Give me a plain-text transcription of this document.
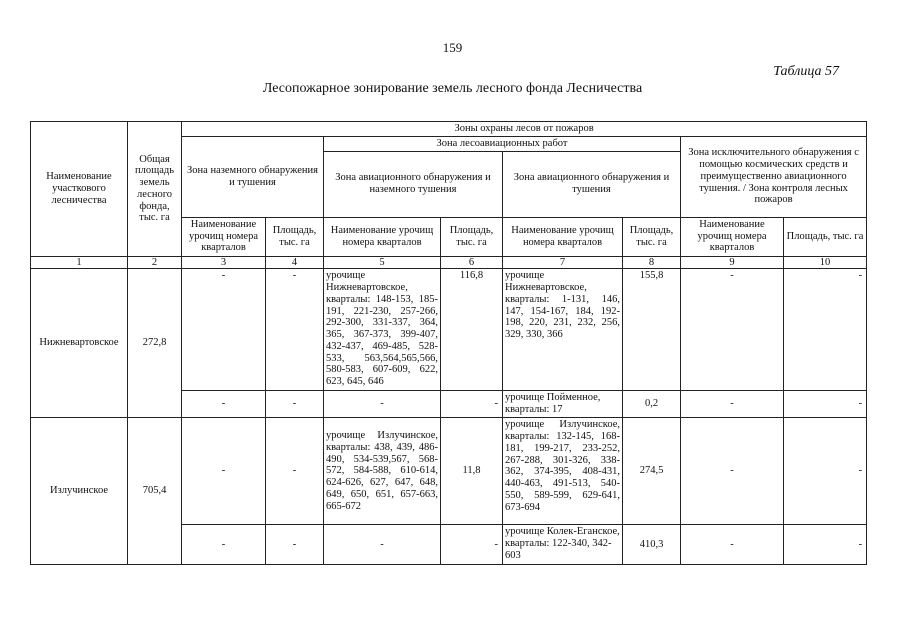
159
Таблица 57
Лесопожарное зонирование земель лесного фонда Лесничества
Наименование участкового лесничества	Общая площадь земель лесного фонда, тыс. га	Зоны охраны лесов от пожаров							
		Зона наземного обнаружения и тушения		Зона лесоавиационных работ				Зона исключительного обнаружения с помощью космических средств и преимущественно авиационного тушения. / Зона контроля лесных пожаров	
				Зона авиационного обнаружения и наземного тушения		Зона авиационного обнаружения и тушения			
		Наименование урочищ номера кварталов	Площадь, тыс. га	Наименование урочищ номера кварталов	Площадь, тыс. га	Наименование урочищ номера кварталов	Площадь, тыс. га	Наименование урочищ номера кварталов	Площадь, тыс. га
1	2	3	4	5	6	7	8	9	10
Нижневартовское	272,8	-	-	урочище Нижневартовское, кварталы: 148-153, 185-191, 221-230, 257-266, 292-300, 331-337, 364, 365, 367-373, 399-407, 432-437, 469-485, 528-533, 563,564,565,566, 580-583, 607-609, 622, 623, 645, 646	116,8	урочище Нижневартовское, кварталы: 1-131, 146, 147, 154-167, 184, 192-198, 220, 231, 232, 256, 329, 330, 366	155,8	-	-
		-	-	-	-	урочище Пойменное, кварталы: 17	0,2	-	-
Излучинское	705,4	-	-	урочище Излучинское, кварталы: 438, 439, 486-490, 534-539,567, 568-572, 584-588, 610-614, 624-626, 627, 647, 648, 649, 650, 651, 657-663, 665-672	11,8	урочище Излучинское, кварталы: 132-145, 168-181, 199-217, 233-252, 267-288, 301-326, 338-362, 374-395, 408-431, 440-463, 491-513, 540-550, 589-599, 629-641, 673-694	274,5	-	-
		-	-	-	-	урочище Колек-Еганское, кварталы: 122-340, 342-603	410,3	-	-
